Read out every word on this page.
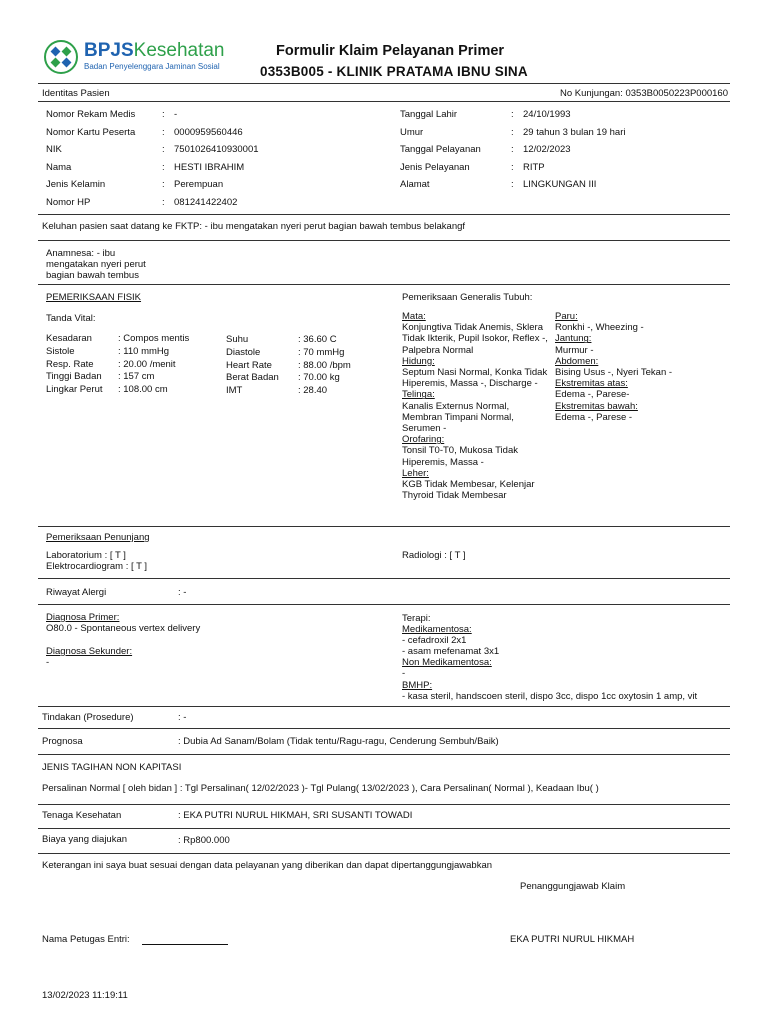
BPJSKesehatan
Badan Penyelenggara Jaminan Sosial
Formulir Klaim Pelayanan Primer
0353B005 - KLINIK PRATAMA IBNU SINA
Identitas Pasien	No Kunjungan: 0353B0050223P000160
Nomor Rekam Medis	: -
Nomor Kartu Peserta	: 0000959560446
NIK	: 7501026410930001
Nama	: HESTI IBRAHIM
Jenis Kelamin	: Perempuan
Nomor HP	: 081241422402
Tanggal Lahir	: 24/10/1993
Umur	: 29 tahun 3 bulan 19 hari
Tanggal Pelayanan	: 12/02/2023
Jenis Pelayanan	: RITP
Alamat	: LINGKUNGAN III
Keluhan pasien saat datang ke FKTP: - ibu mengatakan nyeri perut bagian bawah tembus belakangf
Anamnesa: - ibu
mengatakan nyeri perut
bagian bawah tembus
PEMERIKSAAN FISIK
Tanda Vital:
Kesadaran	: Compos mentis
Sistole	: 110 mmHg
Resp. Rate	: 20.00 /menit
Tinggi Badan : 157 cm
Lingkar Perut : 108.00 cm
Suhu	: 36.60 C
Diastole	: 70 mmHg
Heart Rate	: 88.00 /bpm
Berat Badan : 70.00 kg
IMT	: 28.40
Pemeriksaan Generalis Tubuh:
Mata:
Konjungtiva Tidak Anemis, Sklera Tidak Ikterik, Pupil Isokor, Reflex -, Palpebra Normal
Hidung:
Septum Nasi Normal, Konka Tidak Hiperemis, Massa -, Discharge -
Telinga:
Kanalis Externus Normal, Membran Timpani Normal, Serumen -
Orofaring:
Tonsil T0-T0, Mukosa Tidak Hiperemis, Massa -
Leher:
KGB Tidak Membesar, Kelenjar Thyroid Tidak Membesar
Paru:
Ronkhi -, Wheezing -
Jantung:
Murmur -
Abdomen:
Bising Usus -, Nyeri Tekan -
Ekstremitas atas:
Edema -, Parese-
Ekstremitas bawah:
Edema -, Parese -
Pemeriksaan Penunjang
Laboratorium : [ T ]
Elektrocardiogram : [ T ]
Radiologi : [ T ]
Riwayat Alergi	: -
Diagnosa Primer:
O80.0 - Spontaneous vertex delivery
Diagnosa Sekunder:
-
Terapi:
Medikamentosa:
- cefadroxil 2x1
- asam mefenamat 3x1
Non Medikamentosa:
-
BMHP:
- kasa steril, handscoen steril, dispo 3cc, dispo 1cc oxytosin 1 amp, vit
Tindakan (Prosedure)	: -
Prognosa	: Dubia Ad Sanam/Bolam (Tidak tentu/Ragu-ragu, Cenderung Sembuh/Baik)
JENIS TAGIHAN NON KAPITASI
Persalinan Normal [ oleh bidan ] : Tgl Persalinan( 12/02/2023 )- Tgl Pulang( 13/02/2023 ), Cara Persalinan( Normal ), Keadaan Ibu( )
Tenaga Kesehatan	: EKA PUTRI NURUL HIKMAH, SRI SUSANTI TOWADI
Biaya yang diajukan	: Rp800.000
Keterangan ini saya buat sesuai dengan data pelayanan yang diberikan dan dapat dipertanggungjawabkan
Penanggungjawab Klaim
Nama Petugas Entri:	EKA PUTRI NURUL HIKMAH
13/02/2023 11:19:11
